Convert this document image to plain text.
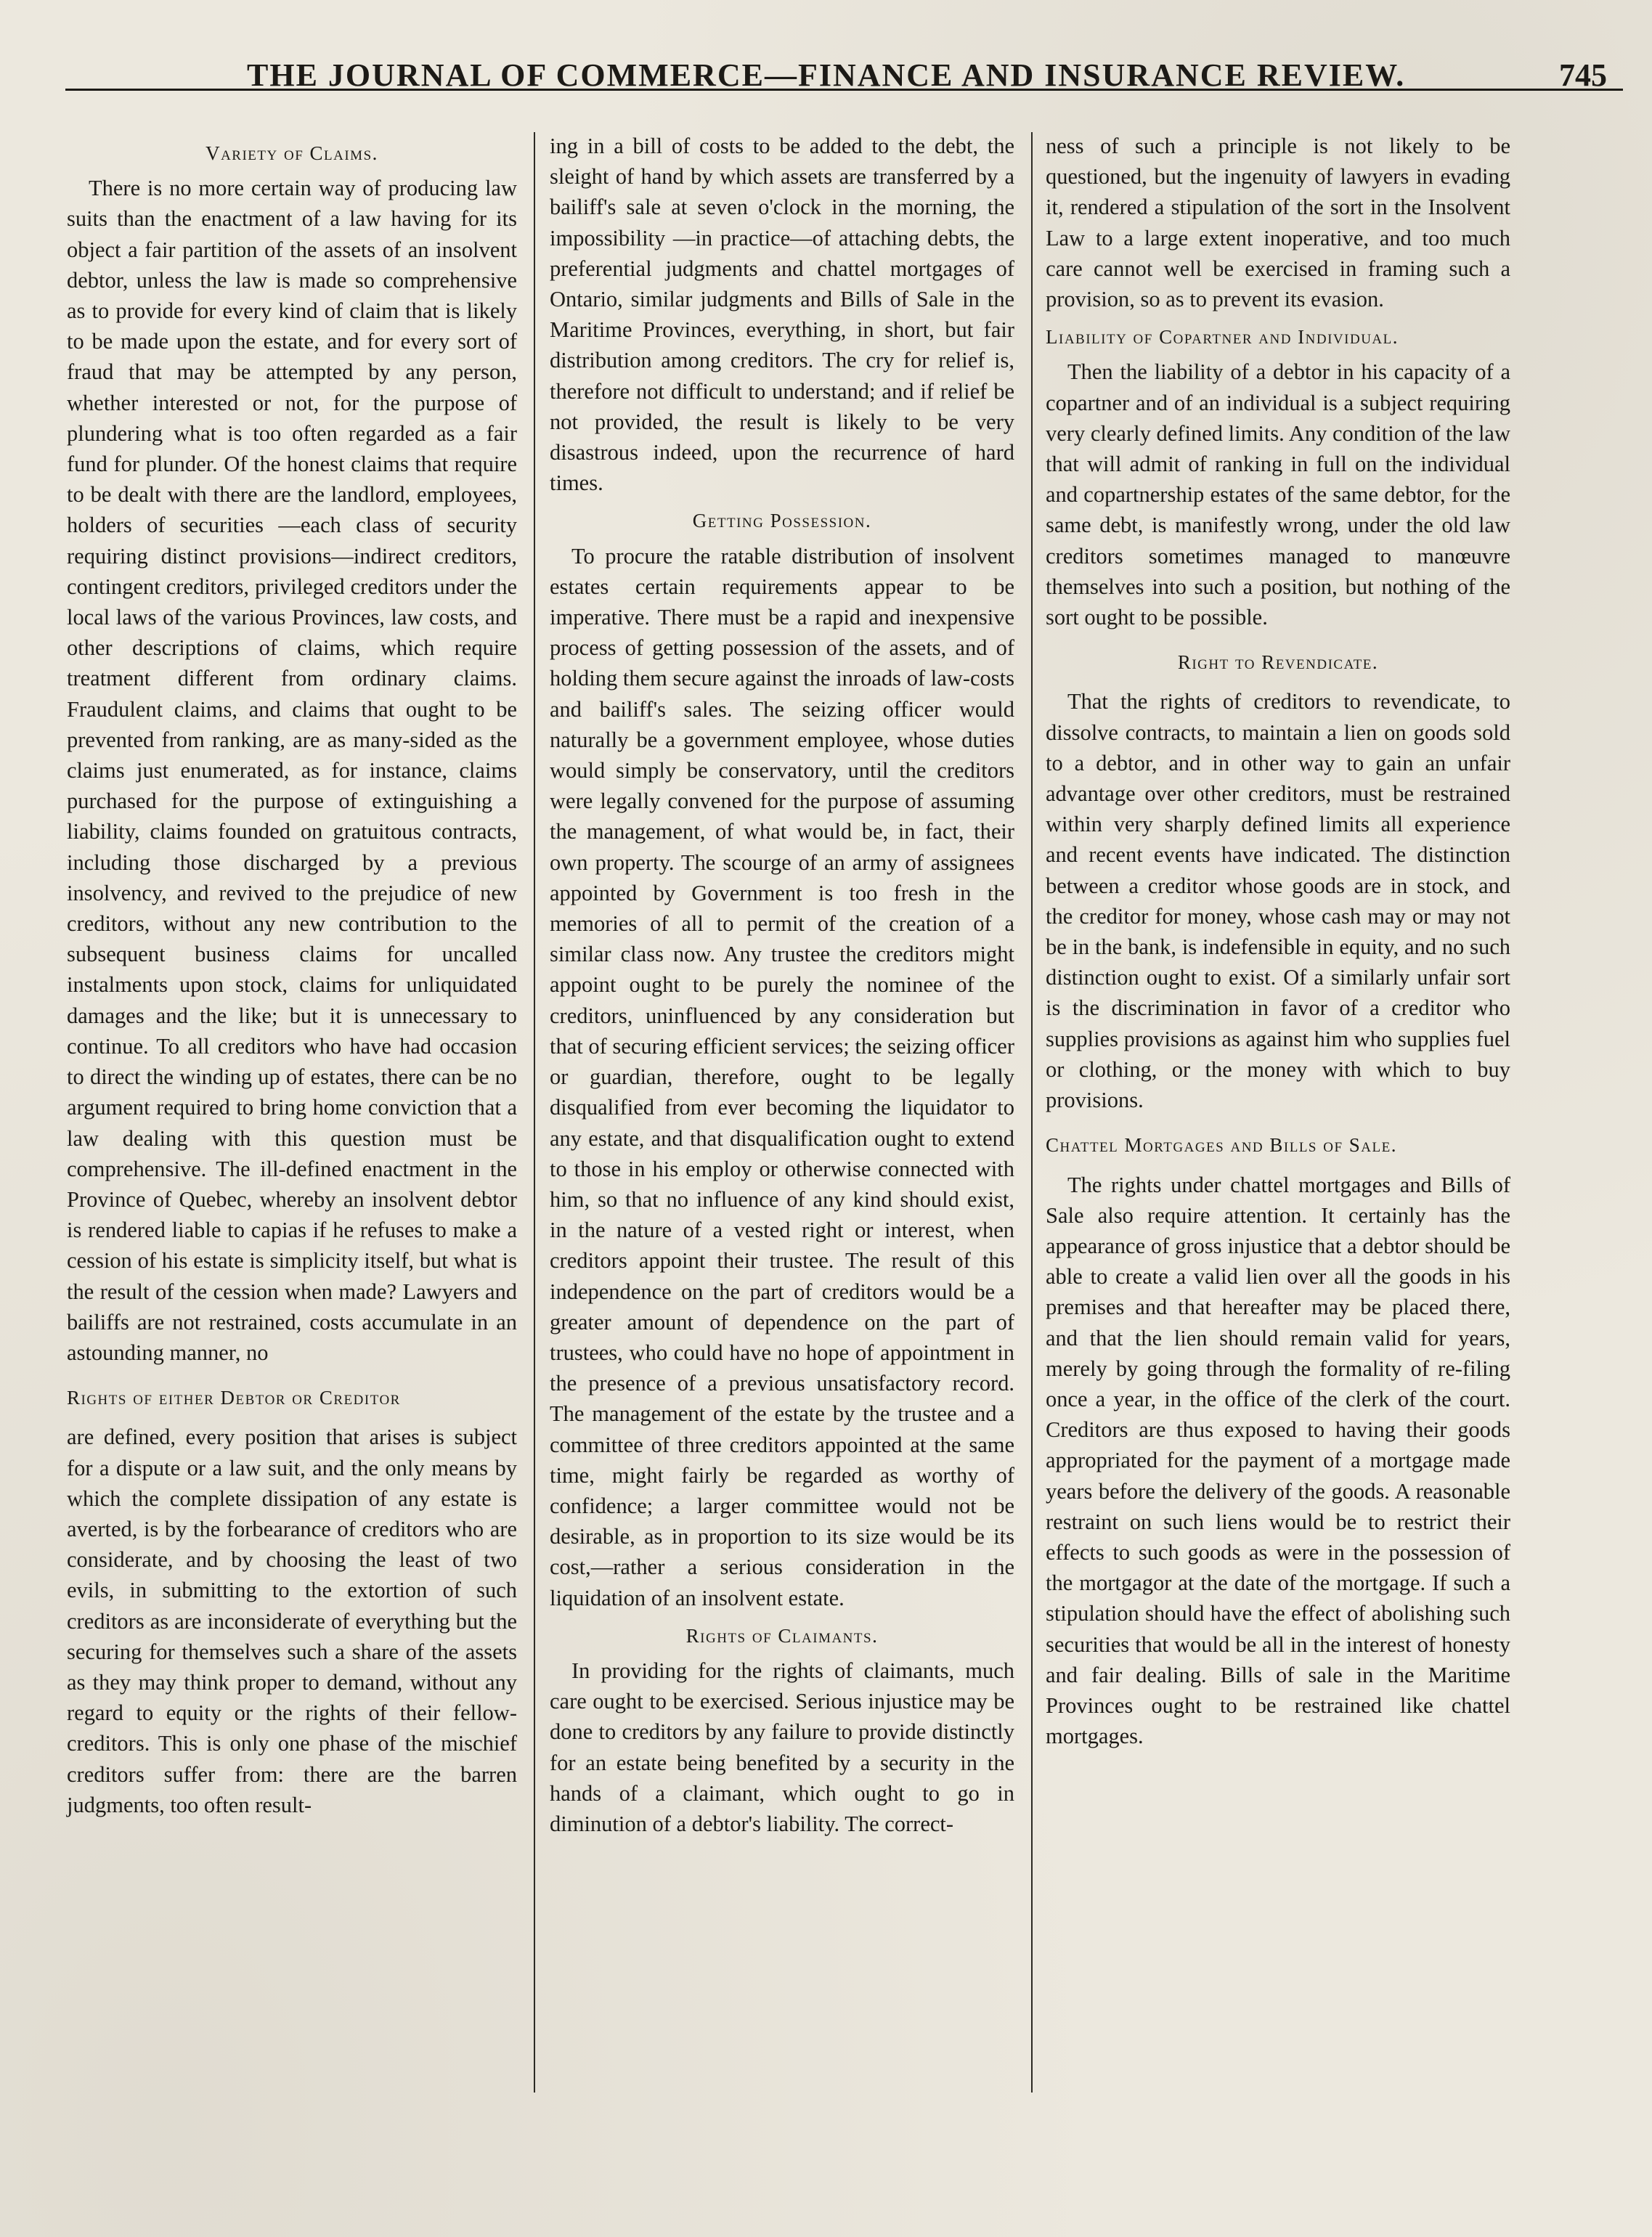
THE JOURNAL OF COMMERCE—FINANCE AND INSURANCE REVIEW.	745
Variety of Claims.

There is no more certain way of producing law suits than the enactment of a law having for its object a fair partition of the assets of an insolvent debtor, unless the law is made so comprehensive as to provide for every kind of claim that is likely to be made upon the estate, and for every sort of fraud that may be attempted by any person, whether interested or not, for the purpose of plundering what is too often regarded as a fair fund for plunder. Of the honest claims that require to be dealt with there are the landlord, employees, holders of securities —each class of security requiring distinct provisions—indirect creditors, contingent creditors, privileged creditors under the local laws of the various Provinces, law costs, and other descriptions of claims, which require treatment different from ordinary claims. Fraudulent claims, and claims that ought to be prevented from ranking, are as many-sided as the claims just enumerated, as for instance, claims purchased for the purpose of extinguishing a liability, claims founded on gratuitous contracts, including those discharged by a previous insolvency, and revived to the prejudice of new creditors, without any new contribution to the subsequent business claims for uncalled instalments upon stock, claims for unliquidated damages and the like; but it is unnecessary to continue. To all creditors who have had occasion to direct the winding up of estates, there can be no argument required to bring home conviction that a law dealing with this question must be comprehensive. The ill-defined enactment in the Province of Quebec, whereby an insolvent debtor is rendered liable to capias if he refuses to make a cession of his estate is simplicity itself, but what is the result of the cession when made? Lawyers and bailiffs are not restrained, costs accumulate in an astounding manner, no

Rights of either Debtor or Creditor

are defined, every position that arises is subject for a dispute or a law suit, and the only means by which the complete dissipation of any estate is averted, is by the forbearance of creditors who are considerate, and by choosing the least of two evils, in submitting to the extortion of such creditors as are inconsiderate of everything but the securing for themselves such a share of the assets as they may think proper to demand, without any regard to equity or the rights of their fellow-creditors. This is only one phase of the mischief creditors suffer from: there are the barren judgments, too often result-

ing in a bill of costs to be added to the debt, the sleight of hand by which assets are transferred by a bailiff's sale at seven o'clock in the morning, the impossibility —in practice—of attaching debts, the preferential judgments and chattel mortgages of Ontario, similar judgments and Bills of Sale in the Maritime Provinces, everything, in short, but fair distribution among creditors. The cry for relief is, therefore not difficult to understand; and if relief be not provided, the result is likely to be very disastrous indeed, upon the recurrence of hard times.

Getting Possession.

To procure the ratable distribution of insolvent estates certain requirements appear to be imperative. There must be a rapid and inexpensive process of getting possession of the assets, and of holding them secure against the inroads of law-costs and bailiff's sales. The seizing officer would naturally be a government employee, whose duties would simply be conservatory, until the creditors were legally convened for the purpose of assuming the management, of what would be, in fact, their own property. The scourge of an army of assignees appointed by Government is too fresh in the memories of all to permit of the creation of a similar class now. Any trustee the creditors might appoint ought to be purely the nominee of the creditors, uninfluenced by any consideration but that of securing efficient services; the seizing officer or guardian, therefore, ought to be legally disqualified from ever becoming the liquidator to any estate, and that disqualification ought to extend to those in his employ or otherwise connected with him, so that no influence of any kind should exist, in the nature of a vested right or interest, when creditors appoint their trustee. The result of this independence on the part of creditors would be a greater amount of dependence on the part of trustees, who could have no hope of appointment in the presence of a previous unsatisfactory record. The management of the estate by the trustee and a committee of three creditors appointed at the same time, might fairly be regarded as worthy of confidence; a larger committee would not be desirable, as in proportion to its size would be its cost,—rather a serious consideration in the liquidation of an insolvent estate.

Rights of Claimants.

In providing for the rights of claimants, much care ought to be exercised. Serious injustice may be done to creditors by any failure to provide distinctly for an estate being benefited by a security in the hands of a claimant, which ought to go in diminution of a debtor's liability. The correct-

ness of such a principle is not likely to be questioned, but the ingenuity of lawyers in evading it, rendered a stipulation of the sort in the Insolvent Law to a large extent inoperative, and too much care cannot well be exercised in framing such a provision, so as to prevent its evasion.

Liability of Copartner and Individual.

Then the liability of a debtor in his capacity of a copartner and of an individual is a subject requiring very clearly defined limits. Any condition of the law that will admit of ranking in full on the individual and copartnership estates of the same debtor, for the same debt, is manifestly wrong, under the old law creditors sometimes managed to manœuvre themselves into such a position, but nothing of the sort ought to be possible.

Right to Revendicate.

That the rights of creditors to revendicate, to dissolve contracts, to maintain a lien on goods sold to a debtor, and in other way to gain an unfair advantage over other creditors, must be restrained within very sharply defined limits all experience and recent events have indicated. The distinction between a creditor whose goods are in stock, and the creditor for money, whose cash may or may not be in the bank, is indefensible in equity, and no such distinction ought to exist. Of a similarly unfair sort is the discrimination in favor of a creditor who supplies provisions as against him who supplies fuel or clothing, or the money with which to buy provisions.

Chattel Mortgages and Bills of Sale.

The rights under chattel mortgages and Bills of Sale also require attention. It certainly has the appearance of gross injustice that a debtor should be able to create a valid lien over all the goods in his premises and that hereafter may be placed there, and that the lien should remain valid for years, merely by going through the formality of re-filing once a year, in the office of the clerk of the court. Creditors are thus exposed to having their goods appropriated for the payment of a mortgage made years before the delivery of the goods. A reasonable restraint on such liens would be to restrict their effects to such goods as were in the possession of the mortgagor at the date of the mortgage. If such a stipulation should have the effect of abolishing such securities that would be all in the interest of honesty and fair dealing. Bills of sale in the Maritime Provinces ought to be restrained like chattel mortgages.
